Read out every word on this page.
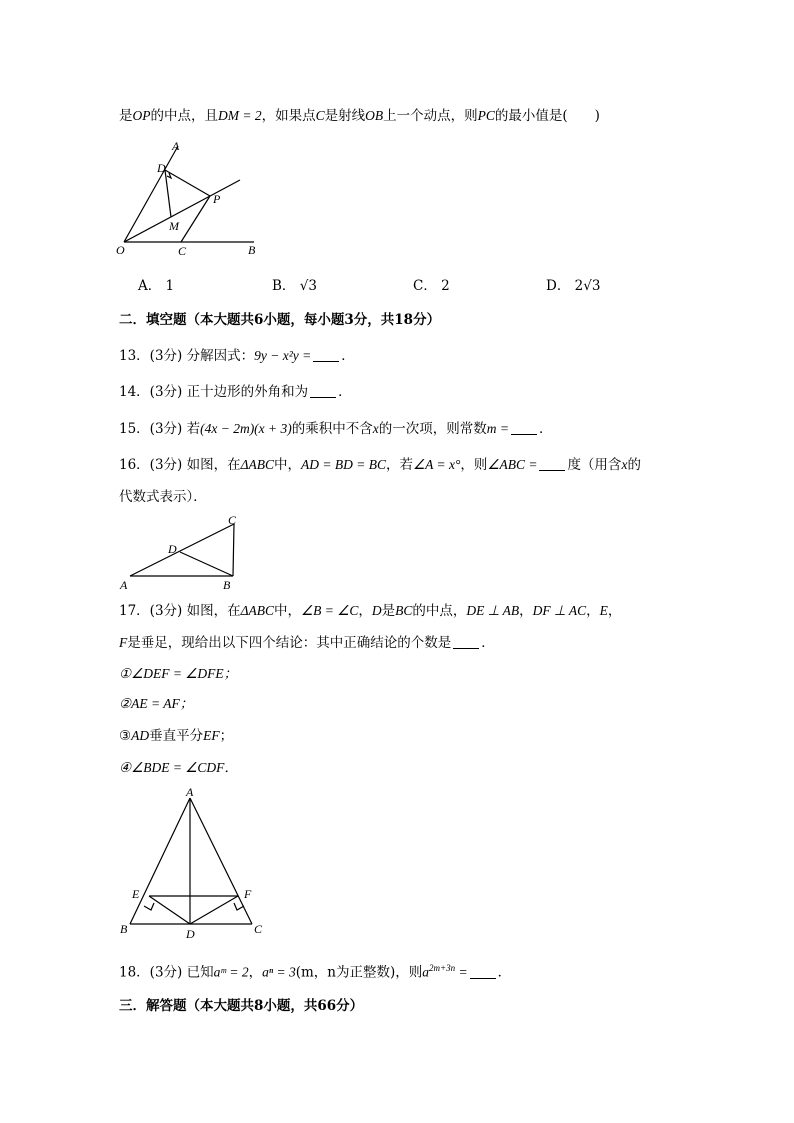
是OP的中点，且DM = 2，如果点C是射线OB上一个动点，则PC的最小值是(　　)
A
D
P
M
O	C	B
A． 1	B． √3	C． 2	D． 2√3
二．填空题（本大题共6小题，每小题3分，共18分）
13．(3分) 分解因式：9y − x²y = ．
14．(3分) 正十边形的外角和为 ．
15．(3分) 若(4x − 2m)(x + 3)的乘积中不含x的一次项，则常数m = ．
16．(3分) 如图，在ΔABC中，AD = BD = BC，若∠A = x°，则∠ABC = 度（用含x的
代数式表示）．
C
D
A	B
17．(3分) 如图，在ΔABC中，∠B = ∠C，D是BC的中点，DE ⊥ AB，DF ⊥ AC，E，
F是垂足，现给出以下四个结论：其中正确结论的个数是 ．
①∠DEF = ∠DFE；
②AE = AF；
③AD垂直平分EF；
④∠BDE = ∠CDF．
A
E	F
B	D	C
18．(3分) 已知aᵐ = 2，aⁿ = 3(m，n为正整数)，则$a^{2m+3n}$ = ．
三．解答题（本大题共8小题，共66分）
